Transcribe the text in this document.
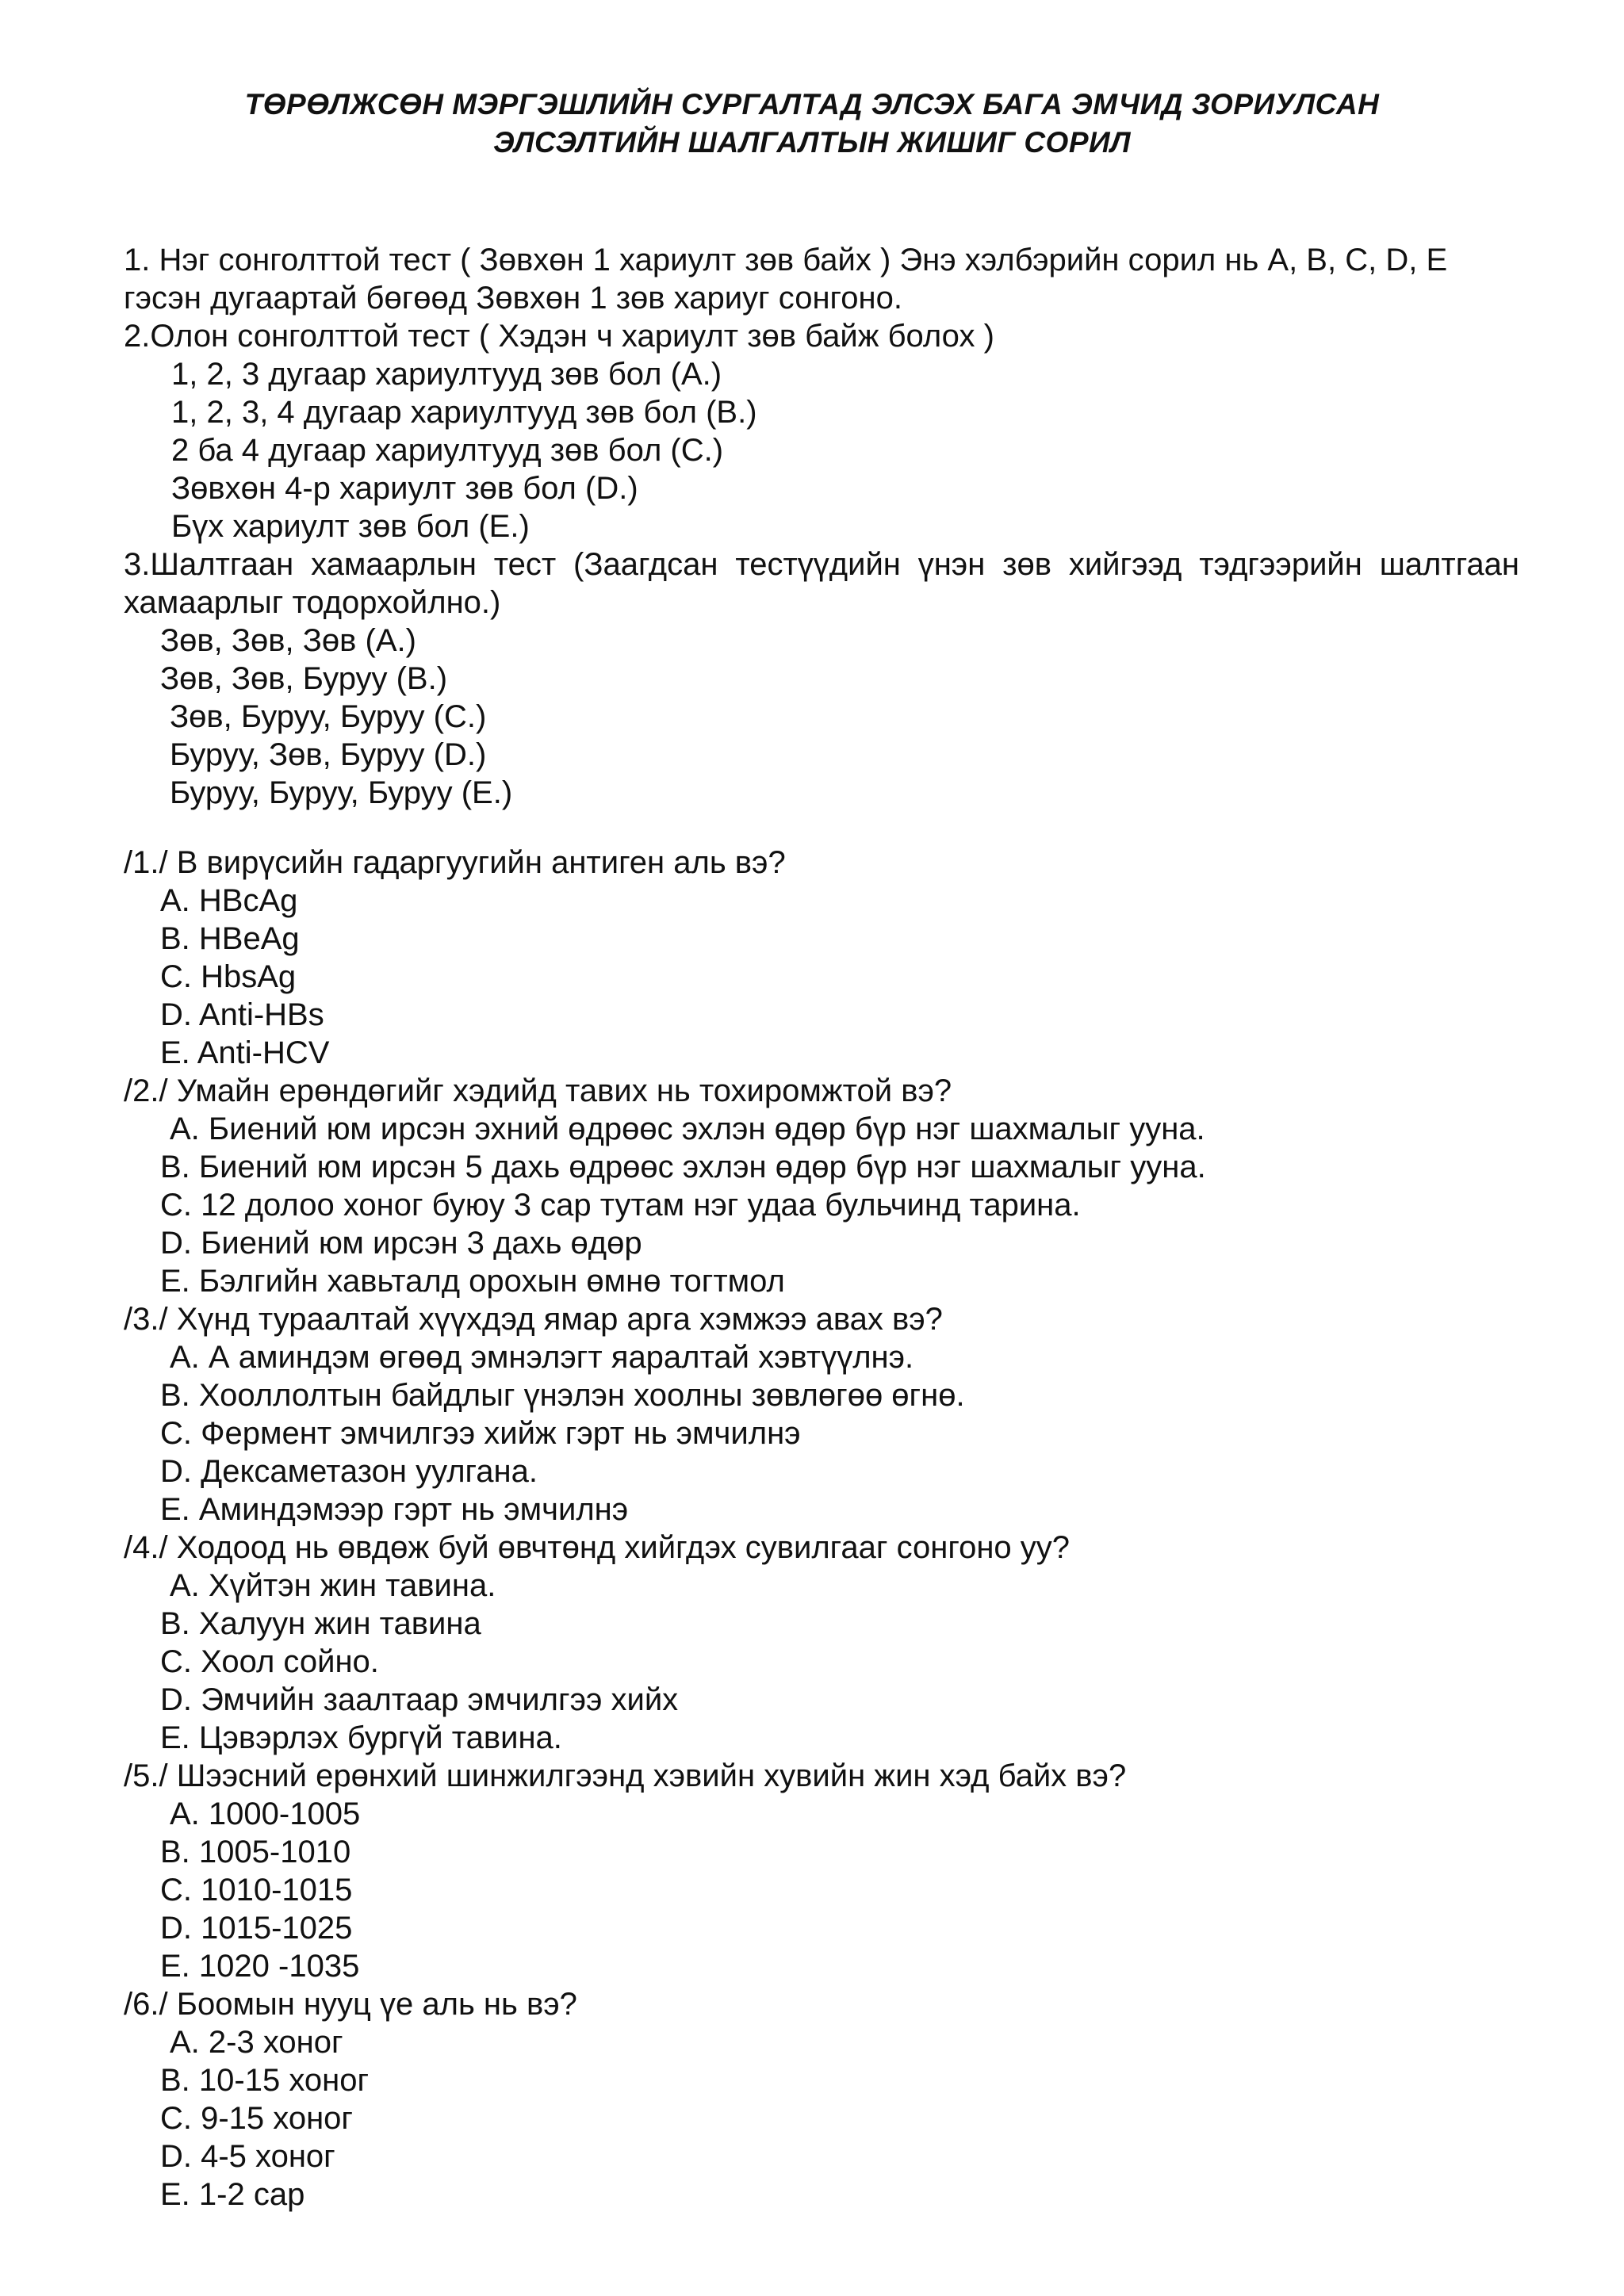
ТӨРӨЛЖСӨН МЭРГЭШЛИЙН СУРГАЛТАД ЭЛСЭХ БАГА ЭМЧИД ЗОРИУЛСАН
ЭЛСЭЛТИЙН ШАЛГАЛТЫН ЖИШИГ СОРИЛ
1. Нэг сонголттой тест ( Зөвхөн 1 хариулт зөв байх ) Энэ хэлбэрийн сорил нь A, B, C, D, E
гэсэн дугаартай бөгөөд Зөвхөн 1 зөв хариуг сонгоно.
2.Олон сонголттой тест ( Хэдэн ч хариулт зөв байж болох )
1, 2, 3 дугаар хариултууд зөв бол (A.)
1, 2, 3, 4 дугаар хариултууд зөв бол (B.)
2 ба 4 дугаар хариултууд зөв бол (C.)
Зөвхөн 4-р хариулт зөв бол (D.)
Бүх хариулт зөв бол (E.)
3.Шалтгаан хамаарлын тест (Заагдсан тестүүдийн үнэн зөв хийгээд тэдгээрийн шалтгаан хамаарлыг тодорхойлно.)
Зөв, Зөв, Зөв (A.)
Зөв, Зөв, Буруу (B.)
Зөв, Буруу, Буруу (C.)
Буруу, Зөв, Буруу (D.)
Буруу, Буруу, Буруу (E.)
/1./ В вирүсийн гадаргуугийн антиген аль вэ?
A. HBcAg
B. HBeAg
C. HbsAg
D. Anti-HBs
E. Anti-HCV
/2./ Умайн ерөндөгийг хэдийд тавих нь тохиромжтой вэ?
A. Биений юм ирсэн эхний өдрөөс эхлэн өдөр бүр нэг шахмалыг ууна.
B. Биений юм ирсэн 5 дахь өдрөөс эхлэн өдөр бүр нэг шахмалыг ууна.
C. 12 долоо хоног буюу 3 сар тутам нэг удаа бульчинд тарина.
D. Биений юм ирсэн 3 дахь өдөр
E. Бэлгийн хавьталд орохын өмнө тогтмол
/3./ Хүнд тураалтай хүүхдэд ямар арга хэмжээ авах вэ?
A. А аминдэм өгөөд эмнэлэгт яаралтай хэвтүүлнэ.
B. Хооллолтын байдлыг үнэлэн хоолны зөвлөгөө өгнө.
C. Фермент эмчилгээ хийж гэрт нь эмчилнэ
D. Дексаметазон уулгана.
E. Аминдэмээр гэрт нь эмчилнэ
/4./ Ходоод нь өвдөж буй өвчтөнд хийгдэх сувилгааг сонгоно уу?
A. Хүйтэн жин тавина.
B. Халуун жин тавина
C. Хоол сойно.
D. Эмчийн заалтаар эмчилгээ хийх
E. Цэвэрлэх бургүй тавина.
/5./ Шээсний ерөнхий шинжилгээнд хэвийн хувийн жин хэд байх вэ?
A. 1000-1005
B. 1005-1010
C. 1010-1015
D. 1015-1025
E. 1020 -1035
/6./ Боомын нууц үе аль нь вэ?
A. 2-3 хоног
B. 10-15 хоног
C. 9-15 хоног
D. 4-5 хоног
E. 1-2 сар
